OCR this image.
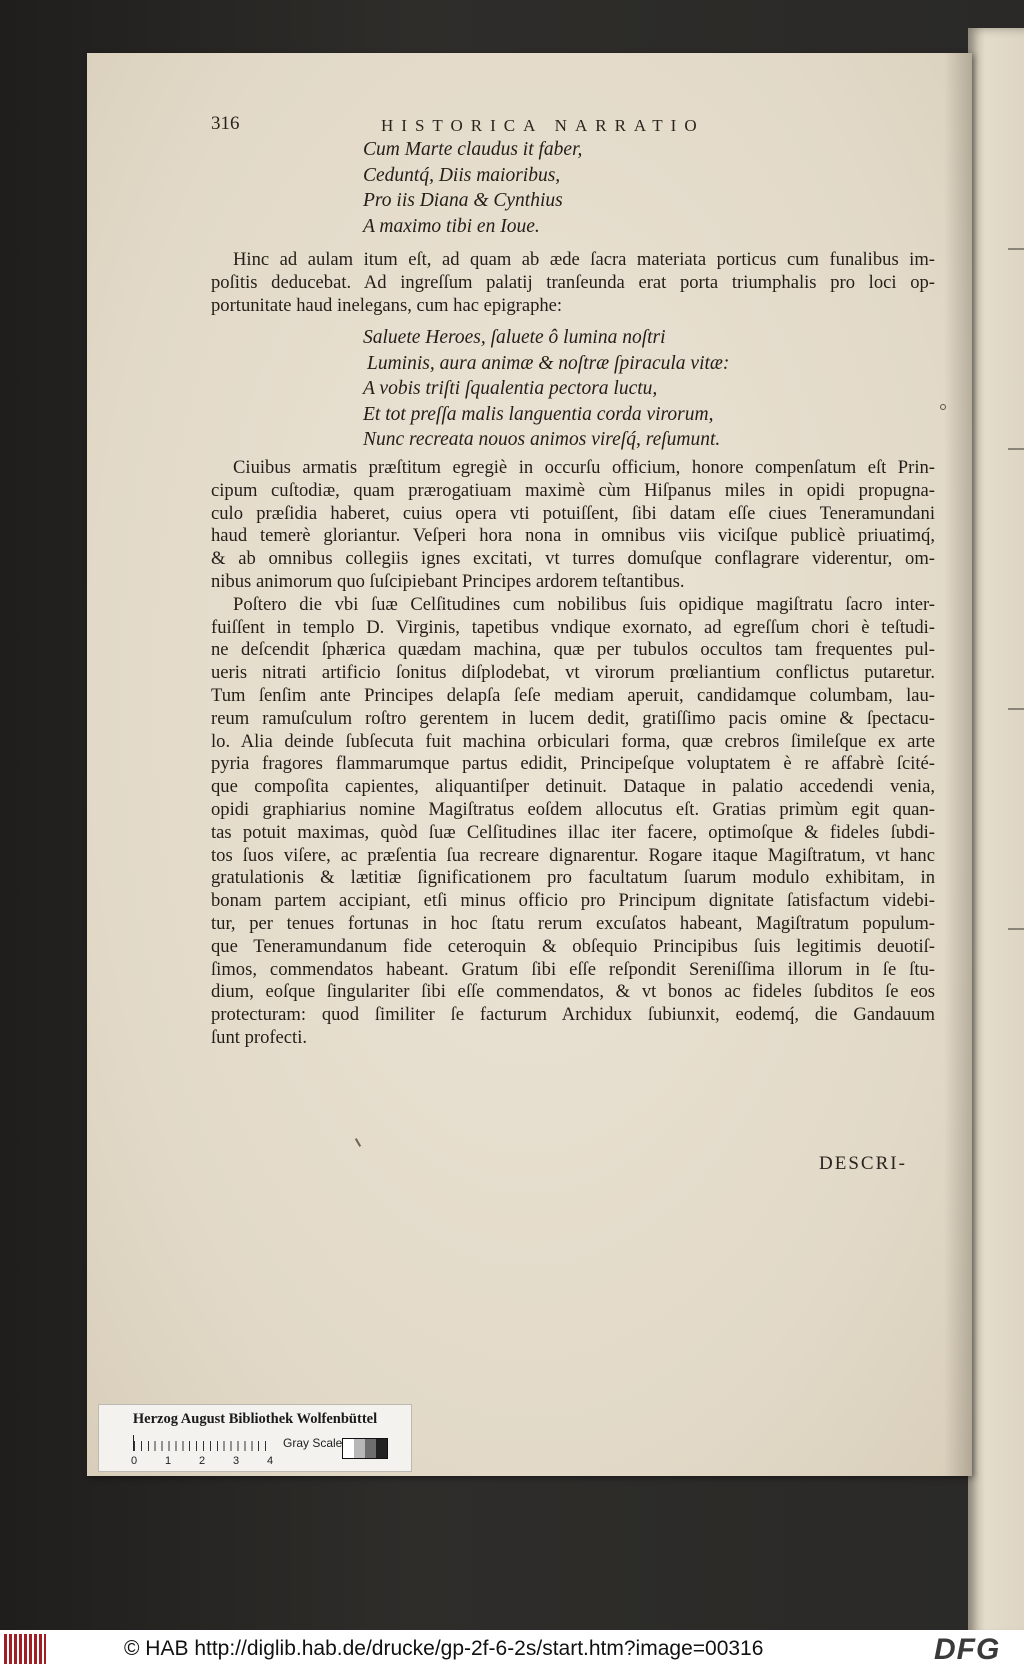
316	HISTORICA NARRATIO
Cum Marte claudus it faber,
Ceduntq́, Diis maioribus,
Pro iis Diana & Cynthius
A maximo tibi en Ioue.
Hinc ad aulam itum eſt, ad quam ab æde ſacra materiata porticus cum funalibus im-
poſitis deducebat. Ad ingreſſum palatij tranſeunda erat porta triumphalis pro loci op-
portunitate haud inelegans, cum hac epigraphe:
Saluete Heroes, ſaluete ô lumina noſtri
Luminis, aura animæ & noſtræ ſpiracula vitæ:
A vobis triſti ſqualentia pectora luctu,
Et tot preſſa malis languentia corda virorum,
Nunc recreata nouos animos vireſq́, reſumunt.
Ciuibus armatis præſtitum egregiè in occurſu officium, honore compenſatum eſt Prin-
cipum cuſtodiæ, quam prærogatiuam maximè cùm Hiſpanus miles in opidi propugna-
culo præſidia haberet, cuius opera vti potuiſſent, ſibi datam eſſe ciues Teneramundani
haud temerè gloriantur. Veſperi hora nona in omnibus viis viciſque publicè priuatimq́,
& ab omnibus collegiis ignes excitati, vt turres domuſque conflagrare viderentur, om-
nibus animorum quo ſuſcipiebant Principes ardorem teſtantibus.
Poſtero die vbi ſuæ Celſitudines cum nobilibus ſuis opidique magiſtratu ſacro inter-
fuiſſent in templo D. Virginis, tapetibus vndique exornato, ad egreſſum chori è teſtudi-
ne deſcendit ſphærica quædam machina, quæ per tubulos occultos tam frequentes pul-
ueris nitrati artificio ſonitus diſplodebat, vt virorum prœliantium conflictus putaretur.
Tum ſenſim ante Principes delapſa ſeſe mediam aperuit, candidamque columbam, lau-
reum ramuſculum roſtro gerentem in lucem dedit, gratiſſimo pacis omine & ſpectacu-
lo. Alia deinde ſubſecuta fuit machina orbiculari forma, quæ crebros ſimileſque ex arte
pyria fragores flammarumque partus edidit, Principeſque voluptatem è re affabrè ſcité-
que compoſita capientes, aliquantiſper detinuit. Dataque in palatio accedendi venia,
opidi graphiarius nomine Magiſtratus eoſdem allocutus eſt. Gratias primùm egit quan-
tas potuit maximas, quòd ſuæ Celſitudines illac iter facere, optimoſque & fideles ſubdi-
tos ſuos viſere, ac præſentia ſua recreare dignarentur. Rogare itaque Magiſtratum, vt hanc
gratulationis & lætitiæ ſignificationem pro facultatum ſuarum modulo exhibitam, in
bonam partem accipiant, etſi minus officio pro Principum dignitate ſatisfactum videbi-
tur, per tenues fortunas in hoc ſtatu rerum excuſatos habeant, Magiſtratum populum-
que Teneramundanum fide ceteroquin & obſequio Principibus ſuis legitimis deuotiſ-
ſimos, commendatos habeant. Gratum ſibi eſſe reſpondit Sereniſſima illorum in ſe ſtu-
dium, eoſque ſingulariter ſibi eſſe commendatos, & vt bonos ac fideles ſubditos ſe eos
protecturam: quod ſimiliter ſe facturum Archidux ſubiunxit, eodemq́, die Gandauum
ſunt profecti.
DESCRI-
Herzog August Bibliothek Wolfenbüttel
0	1	2	3	4
Gray Scale
© HAB http://diglib.hab.de/drucke/gp-2f-6-2s/start.htm?image=00316	DFG
